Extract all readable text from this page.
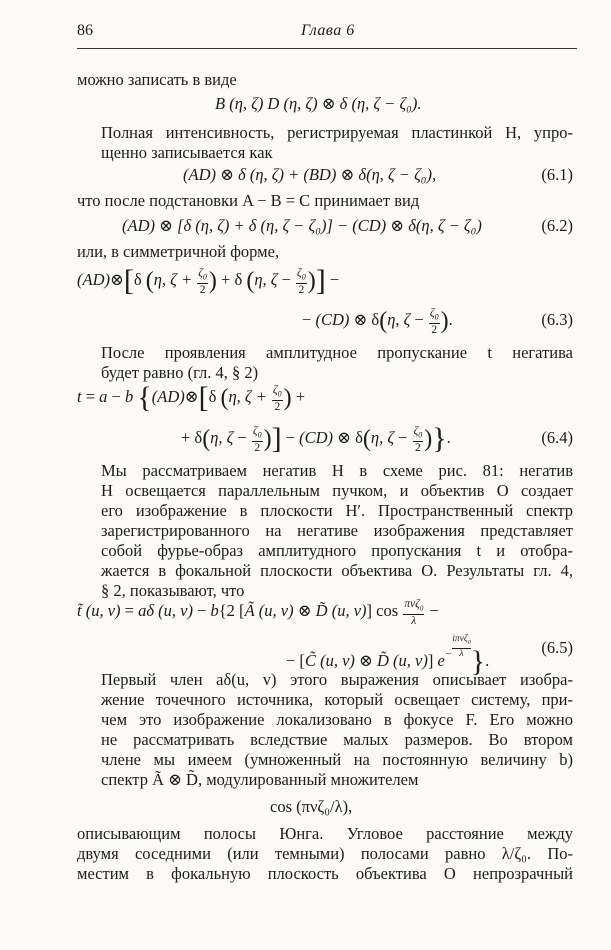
86	Глава 6

можно записать в виде

B (η, ζ) D (η, ζ) ⊗ δ (η, ζ − ζ₀).

Полная интенсивность, регистрируемая пластинкой H, упро-
щенно записывается как

(AD) ⊗ δ (η, ζ) + (BD) ⊗ δ(η, ζ − ζ₀),	(6.1)

что после подстановки A − B = C принимает вид

(AD) ⊗ [δ (η, ζ) + δ (η, ζ − ζ₀)] − (CD) ⊗ δ(η, ζ − ζ₀)	(6.2)

или, в симметричной форме,

(AD)⊗[δ (η, $\zeta + \frac{\zeta_0}{2}$ ) + δ (η, $\zeta - \frac{\zeta_0}{2}$ )] −
− (CD) ⊗ δ(η, $\zeta - \frac{\zeta_0}{2}$ ).	(6.3)

После проявления амплитудное пропускание t негатива
будет равно (гл. 4, § 2)

t = a − b {(AD)⊗[δ (η, $\zeta + \frac{\zeta_0}{2}$ ) +
+ δ(η, $\zeta - \frac{\zeta_0}{2}$ )] − (CD) ⊗ δ(η, $\zeta - \frac{\zeta_0}{2}$ )}.	(6.4)

Мы рассматриваем негатив H в схеме рис. 81: негатив
H освещается параллельным пучком, и объектив O создает
его изображение в плоскости H′. Пространственный спектр
зарегистрированного на негативе изображения представляет
собой фурье-образ амплитудного пропускания t и отобра-
жается в фокальной плоскости объектива O. Результаты гл. 4,
§ 2, показывают, что

t̃ (u, v) = aδ (u, v) − b{2 [Ã (u, v) ⊗ D̃ (u, v)] $\cos \frac{\pi\nu\zeta_0}{\lambda}$ −
− [C̃ (u, v) ⊗ D̃ (u, v)] e−
iπνζ$_0$
λ }.
(6.5)

Первый член aδ(u, v) этого выражения описывает изобра-
жение точечного источника, который освещает систему, при-
чем это изображение локализовано в фокусе F. Его можно
не рассматривать вследствие малых размеров. Во втором
члене мы имеем (умноженный на постоянную величину b)
спектр Ã ⊗ D̃, модулированный множителем

cos (πνζ₀/λ),

описывающим полосы Юнга. Угловое расстояние между
двумя соседними (или темными) полосами равно λ/ζ₀. По-
местим в фокальную плоскость объектива O непрозрачный
